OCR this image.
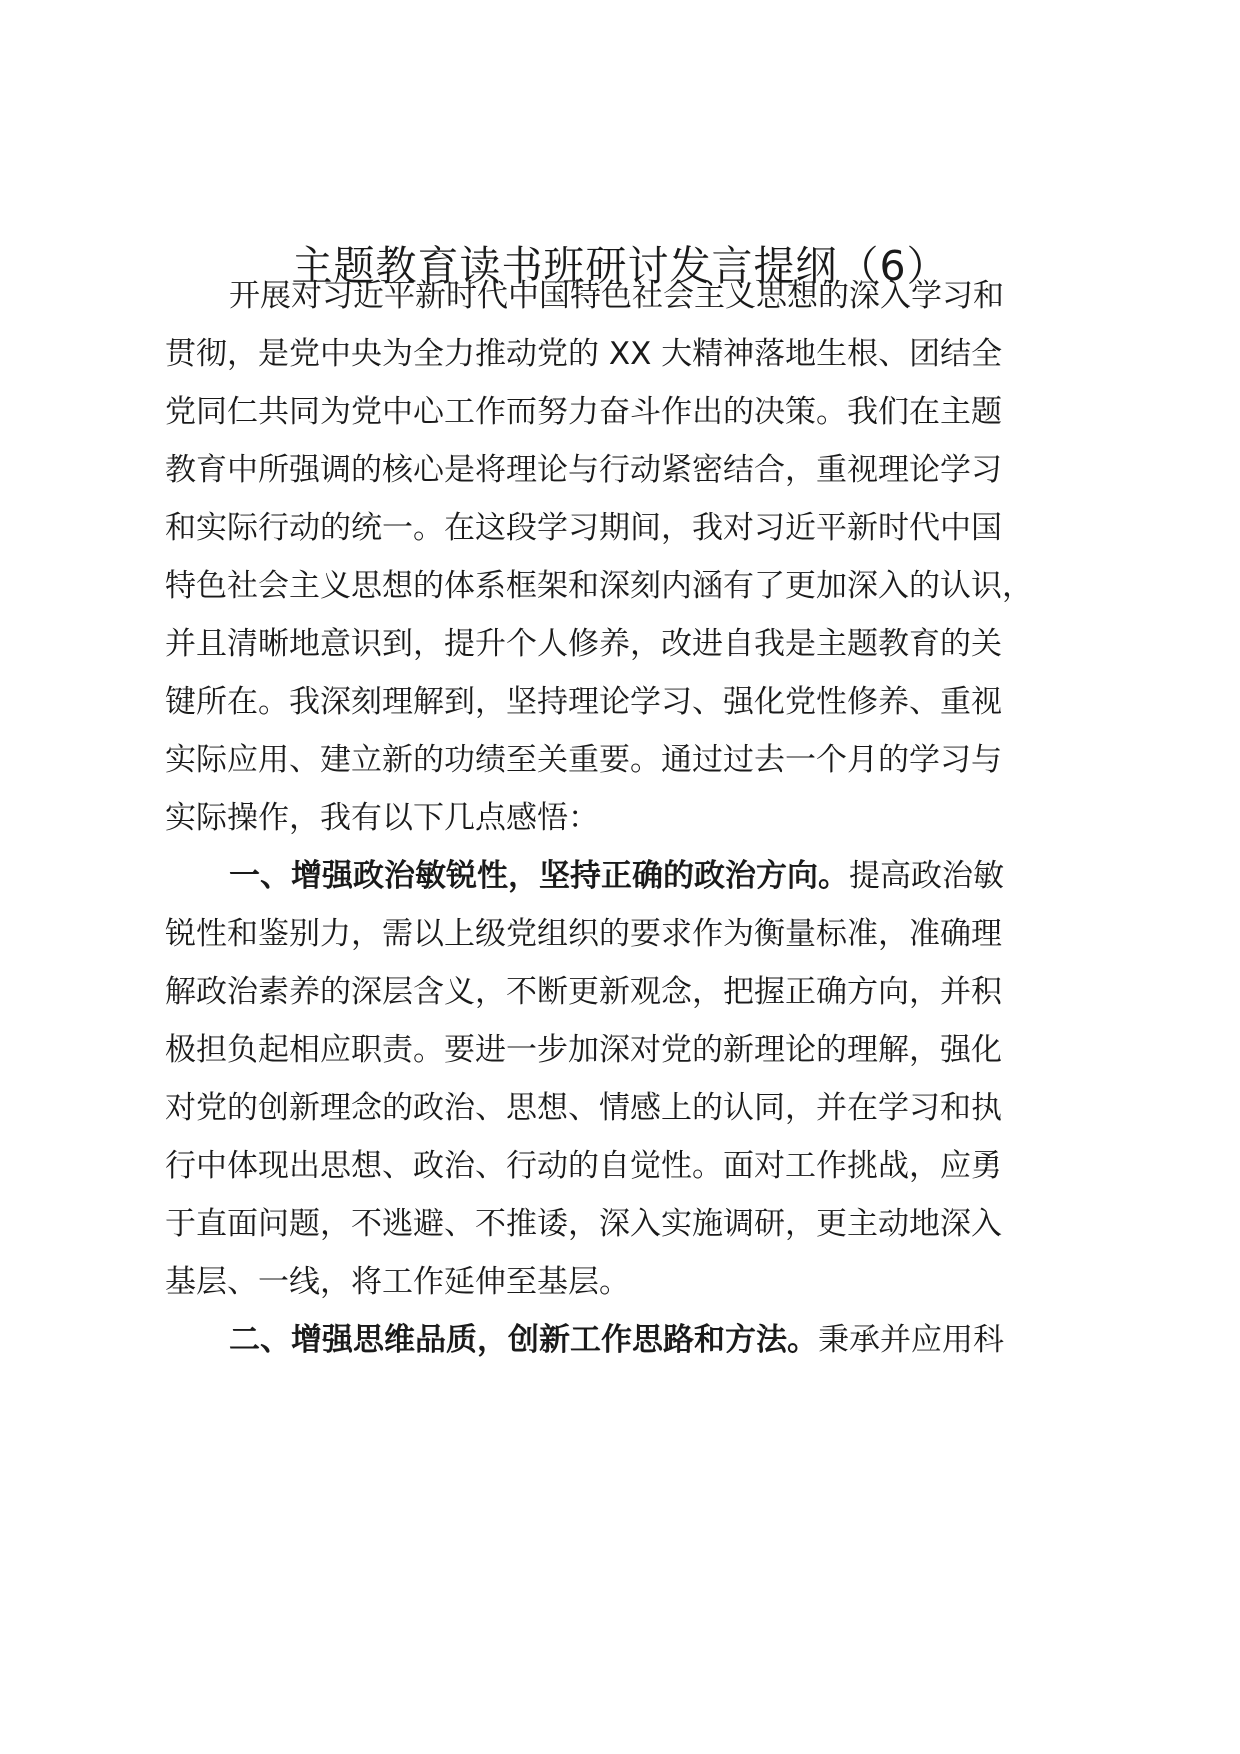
主题教育读书班研讨发言提纲（6）
开展对习近平新时代中国特色社会主义思想的深入学习和
贯彻，是党中央为全力推动党的 XX 大精神落地生根、团结全
党同仁共同为党中心工作而努力奋斗作出的决策。我们在主题
教育中所强调的核心是将理论与行动紧密结合，重视理论学习
和实际行动的统一。在这段学习期间，我对习近平新时代中国
特色社会主义思想的体系框架和深刻内涵有了更加深入的认识，
并且清晰地意识到，提升个人修养，改进自我是主题教育的关
键所在。我深刻理解到，坚持理论学习、强化党性修养、重视
实际应用、建立新的功绩至关重要。通过过去一个月的学习与
实际操作，我有以下几点感悟：
一、增强政治敏锐性，坚持正确的政治方向。提高政治敏
锐性和鉴别力，需以上级党组织的要求作为衡量标准，准确理
解政治素养的深层含义，不断更新观念，把握正确方向，并积
极担负起相应职责。要进一步加深对党的新理论的理解，强化
对党的创新理念的政治、思想、情感上的认同，并在学习和执
行中体现出思想、政治、行动的自觉性。面对工作挑战，应勇
于直面问题，不逃避、不推诿，深入实施调研，更主动地深入
基层、一线，将工作延伸至基层。
二、增强思维品质，创新工作思路和方法。秉承并应用科
